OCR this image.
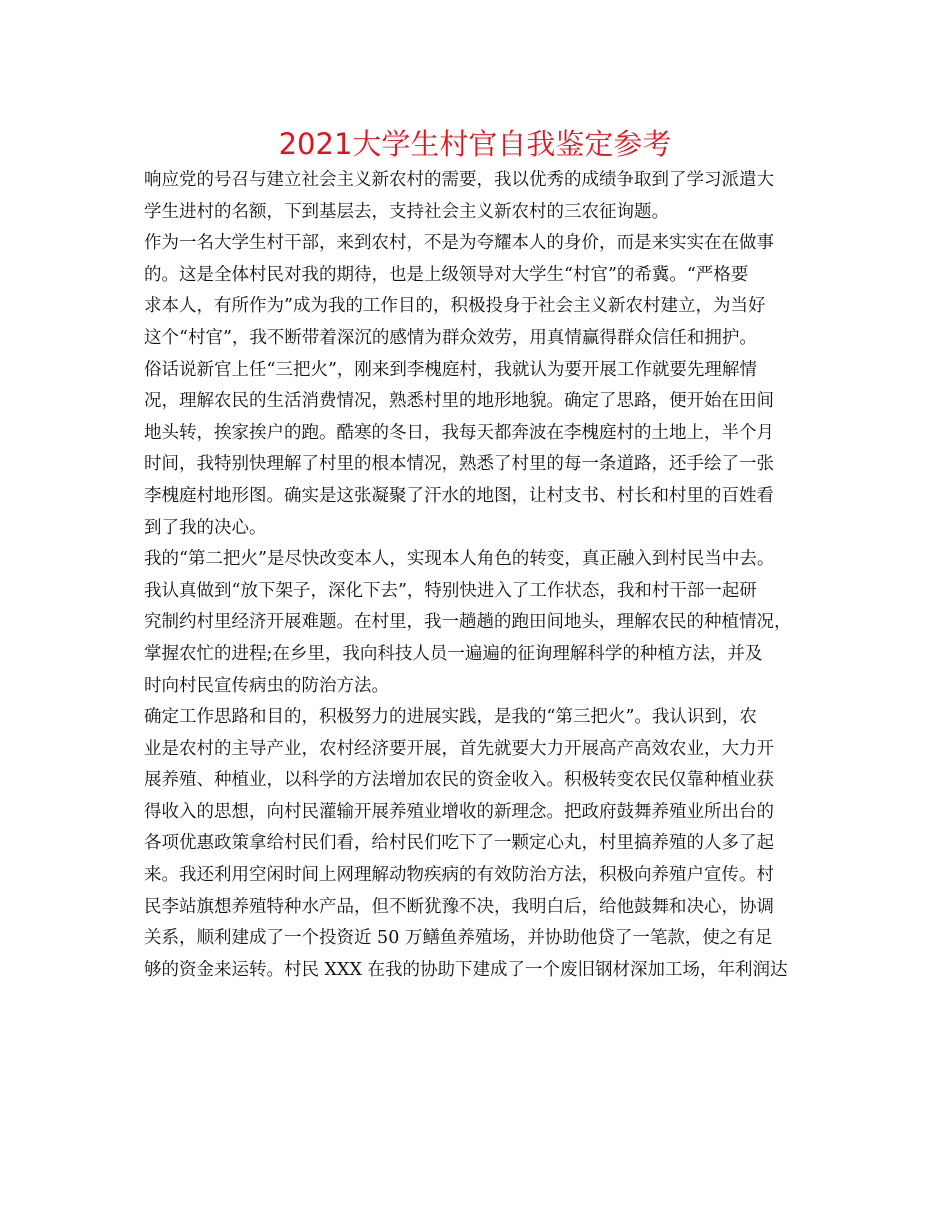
2021大学生村官自我鉴定参考
响应党的号召与建立社会主义新农村的需要，我以优秀的成绩争取到了学习派遣大
学生进村的名额，下到基层去，支持社会主义新农村的三农征询题。
作为一名大学生村干部，来到农村，不是为夸耀本人的身价，而是来实实在在做事
的。这是全体村民对我的期待，也是上级领导对大学生“村官”的希冀。“严格要
求本人，有所作为”成为我的工作目的，积极投身于社会主义新农村建立，为当好
这个“村官”，我不断带着深沉的感情为群众效劳，用真情赢得群众信任和拥护。
俗话说新官上任“三把火”，刚来到李槐庭村，我就认为要开展工作就要先理解情
况，理解农民的生活消费情况，熟悉村里的地形地貌。确定了思路，便开始在田间
地头转，挨家挨户的跑。酷寒的冬日，我每天都奔波在李槐庭村的土地上，半个月
时间，我特别快理解了村里的根本情况，熟悉了村里的每一条道路，还手绘了一张
李槐庭村地形图。确实是这张凝聚了汗水的地图，让村支书、村长和村里的百姓看
到了我的决心。
我的“第二把火”是尽快改变本人，实现本人角色的转变，真正融入到村民当中去。
我认真做到“放下架子，深化下去”，特别快进入了工作状态，我和村干部一起研
究制约村里经济开展难题。在村里，我一趟趟的跑田间地头，理解农民的种植情况，
掌握农忙的进程;在乡里，我向科技人员一遍遍的征询理解科学的种植方法，并及
时向村民宣传病虫的防治方法。
确定工作思路和目的，积极努力的进展实践，是我的“第三把火”。我认识到，农
业是农村的主导产业，农村经济要开展，首先就要大力开展高产高效农业，大力开
展养殖、种植业，以科学的方法增加农民的资金收入。积极转变农民仅靠种植业获
得收入的思想，向村民灌输开展养殖业增收的新理念。把政府鼓舞养殖业所出台的
各项优惠政策拿给村民们看，给村民们吃下了一颗定心丸，村里搞养殖的人多了起
来。我还利用空闲时间上网理解动物疾病的有效防治方法，积极向养殖户宣传。村
民李站旗想养殖特种水产品，但不断犹豫不决，我明白后，给他鼓舞和决心，协调
关系，顺利建成了一个投资近 50 万鳝鱼养殖场，并协助他贷了一笔款，使之有足
够的资金来运转。村民 XXX 在我的协助下建成了一个废旧钢材深加工场，年利润达
